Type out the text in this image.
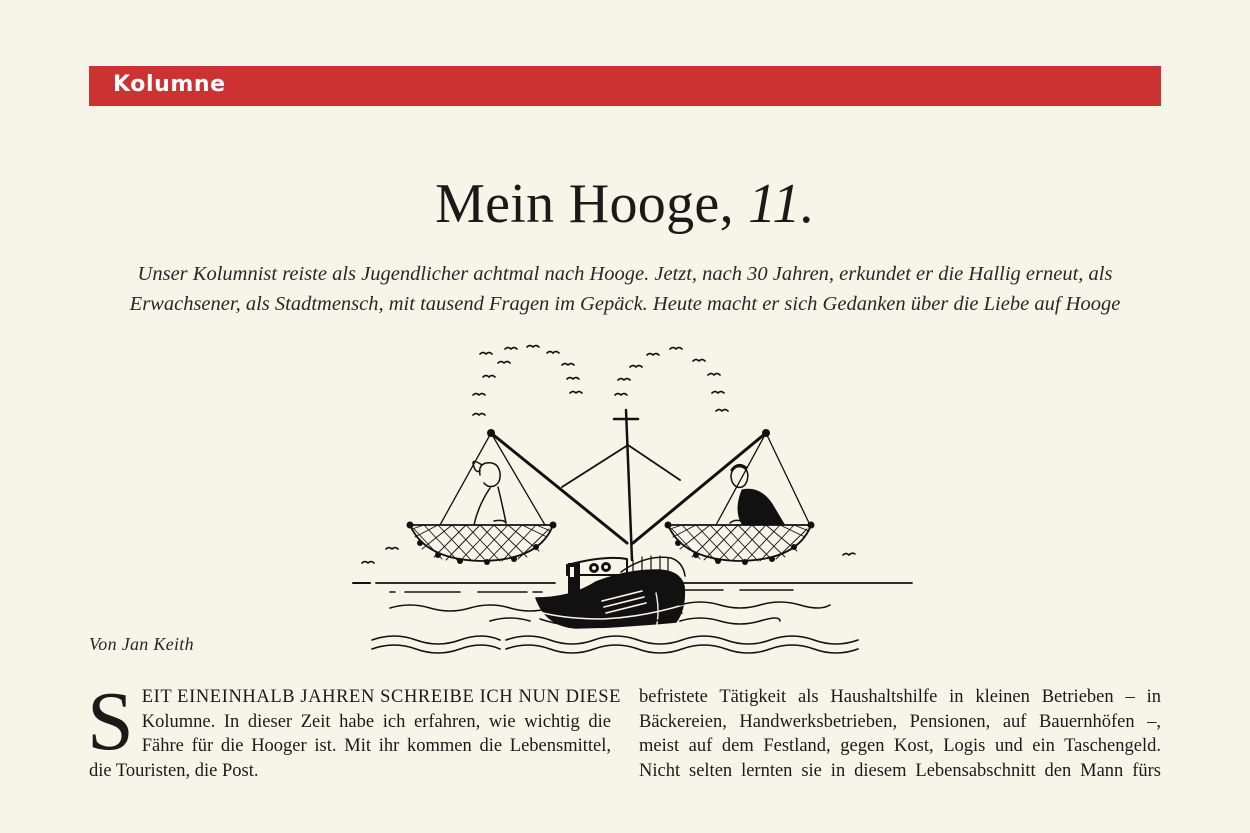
Kolumne
Mein Hooge, 11.

Unser Kolumnist reiste als Jugendlicher achtmal nach Hooge. Jetzt, nach 30 Jahren, erkundet er die Hallig erneut, als Erwachsener, als Stadtmensch, mit tausend Fragen im Gepäck. Heute macht er sich Gedanken über die Liebe auf Hooge

Von Jan Keith
S EIT EINEINHALB JAHREN SCHREIBE ICH NUN DIESE
Kolumne. In dieser Zeit habe ich erfahren, wie wichtig die
Fähre für die Hooger ist. Mit ihr kommen die Lebensmittel,
die Touristen, die Post.
befristete Tätigkeit als Haushaltshilfe in kleinen Betrieben – in
Bäckereien, Handwerksbetrieben, Pensionen, auf Bauernhöfen –,
meist auf dem Festland, gegen Kost, Logis und ein Taschengeld.
Nicht selten lernten sie in diesem Lebensabschnitt den Mann fürs
